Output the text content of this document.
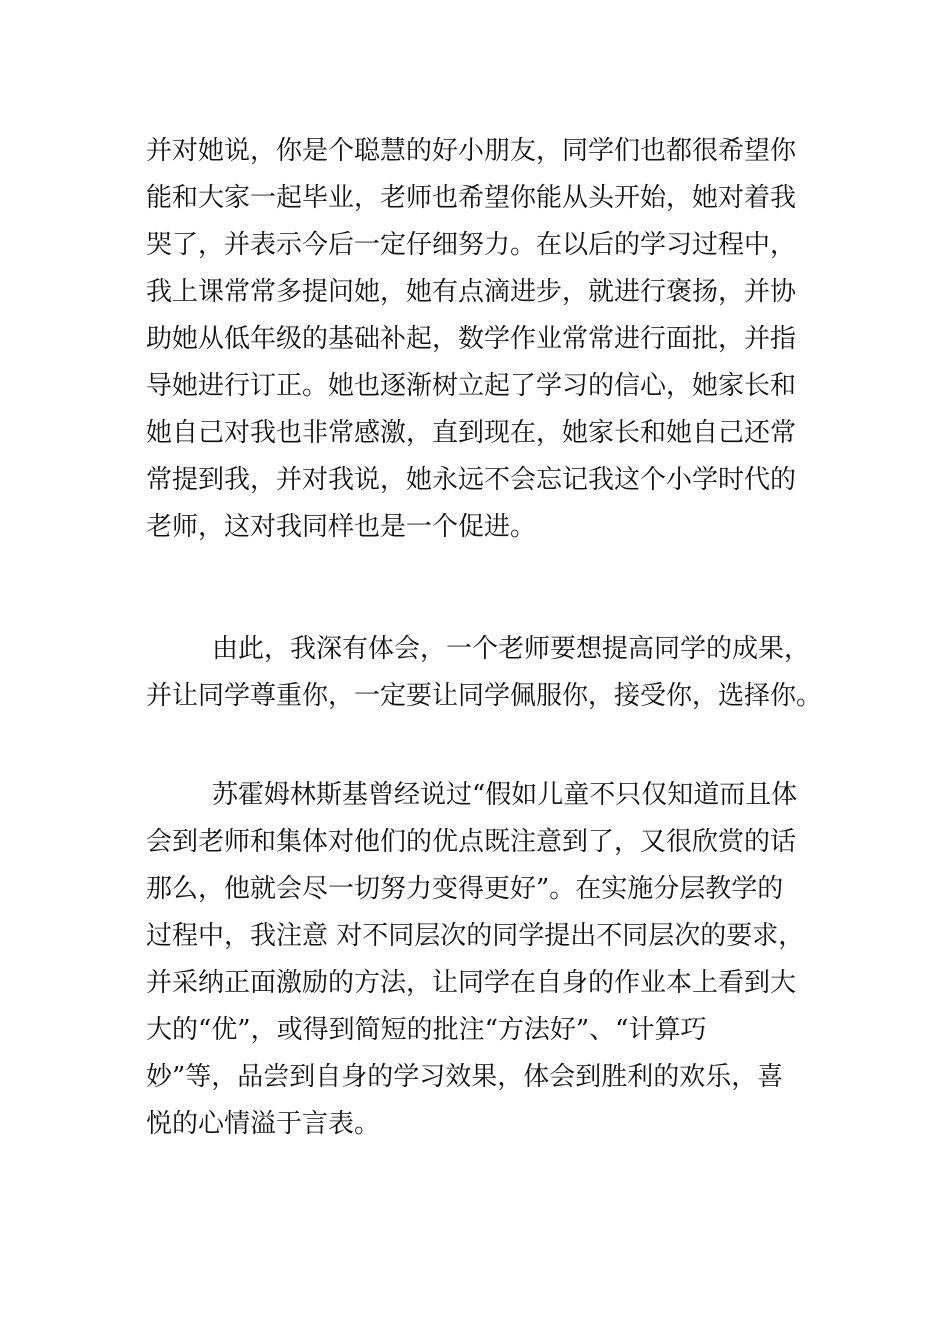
并对她说，你是个聪慧的好小朋友，同学们也都很希望你
能和大家一起毕业，老师也希望你能从头开始，她对着我
哭了，并表示今后一定仔细努力。在以后的学习过程中，
我上课常常多提问她，她有点滴进步，就进行褒扬，并协
助她从低年级的基础补起，数学作业常常进行面批，并指
导她进行订正。她也逐渐树立起了学习的信心，她家长和
她自己对我也非常感激，直到现在，她家长和她自己还常
常提到我，并对我说，她永远不会忘记我这个小学时代的
老师，这对我同样也是一个促进。
由此，我深有体会，一个老师要想提高同学的成果，
并让同学尊重你，一定要让同学佩服你，接受你，选择你。
苏霍姆林斯基曾经说过“假如儿童不只仅知道而且体
会到老师和集体对他们的优点既注意到了，又很欣赏的话
那么，他就会尽一切努力变得更好”。在实施分层教学的
过程中，我注意 对不同层次的同学提出不同层次的要求，
并采纳正面激励的方法，让同学在自身的作业本上看到大
大的“优”，或得到简短的批注“方法好”、“计算巧
妙”等，品尝到自身的学习效果，体会到胜利的欢乐，喜
悦的心情溢于言表。
